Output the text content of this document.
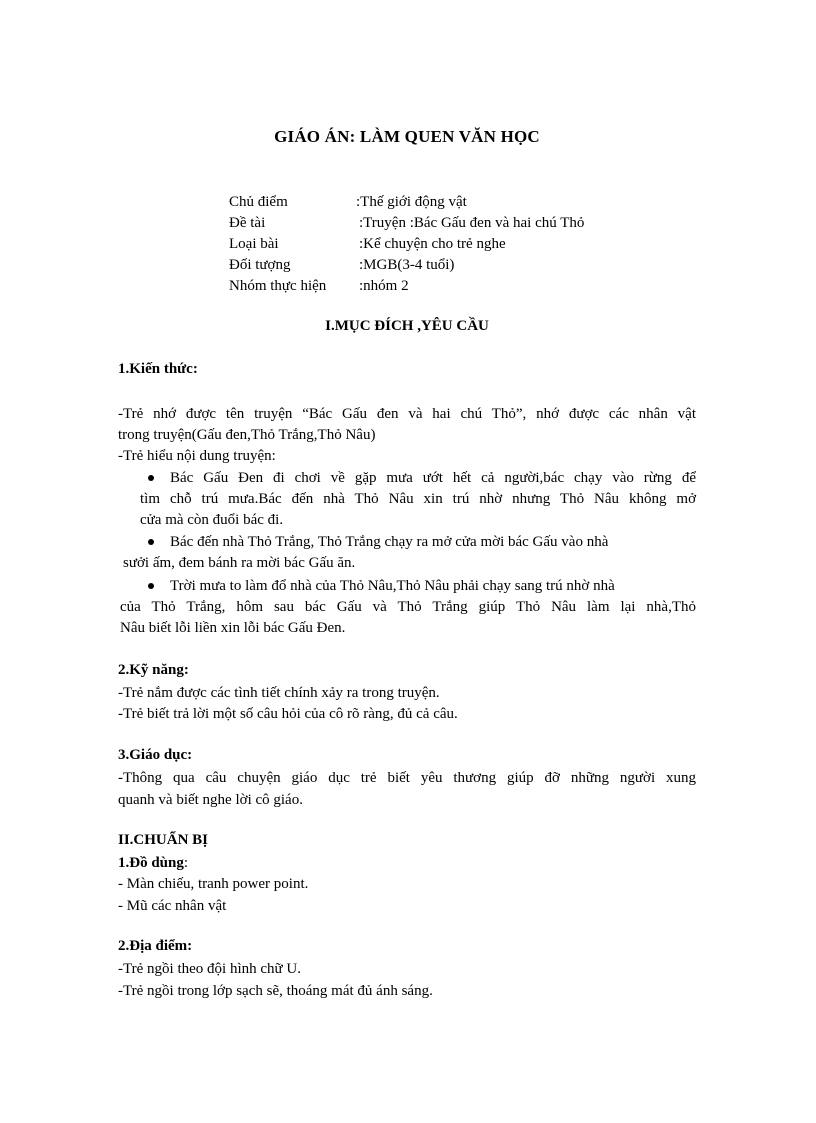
GIÁO ÁN: LÀM QUEN VĂN HỌC
Chủ điểm	:Thế giới động vật
Đề tài	:Truyện :Bác Gấu đen và hai chú Thỏ
Loại bài	:Kể chuyện cho trẻ nghe
Đối tượng	:MGB(3-4 tuổi)
Nhóm thực hiện :nhóm 2
I.MỤC ĐÍCH ,YÊU CẦU
1.Kiến thức:
-Trẻ nhớ được tên truyện “Bác Gấu đen và hai chú Thỏ”, nhớ được các nhân vật
trong truyện(Gấu đen,Thỏ Trắng,Thỏ Nâu)
-Trẻ hiểu nội dung truyện:
Bác Gấu Đen đi chơi về gặp mưa ướt hết cả người,bác chạy vào rừng để
tìm chỗ trú mưa.Bác đến nhà Thỏ Nâu xin trú nhờ nhưng Thỏ Nâu không mở
cửa mà còn đuổi bác đi.
Bác đến nhà Thỏ Trắng, Thỏ Trắng chạy ra mở cửa mời bác Gấu vào nhà
sưởi ấm, đem bánh ra mời bác Gấu ăn.
Trời mưa to làm đổ nhà của Thỏ Nâu,Thỏ Nâu phải chạy sang trú nhờ nhà
của Thỏ Trắng, hôm sau bác Gấu và Thỏ Trắng giúp Thỏ Nâu làm lại nhà,Thỏ
Nâu biết lỗi liền xin lỗi bác Gấu Đen.
2.Kỹ năng:
-Trẻ nắm được các tình tiết chính xảy ra trong truyện.
-Trẻ biết trả lời một số câu hỏi của cô rõ ràng, đủ cả câu.
3.Giáo dục:
-Thông qua câu chuyện giáo dục trẻ biết yêu thương giúp đỡ những người xung
quanh và biết nghe lời cô giáo.
II.CHUẨN BỊ
1.Đồ dùng:
- Màn chiếu, tranh power point.
- Mũ các nhân vật
2.Địa điểm:
-Trẻ ngồi theo đội hình chữ U.
-Trẻ ngồi trong lớp sạch sẽ, thoáng mát đủ ánh sáng.
